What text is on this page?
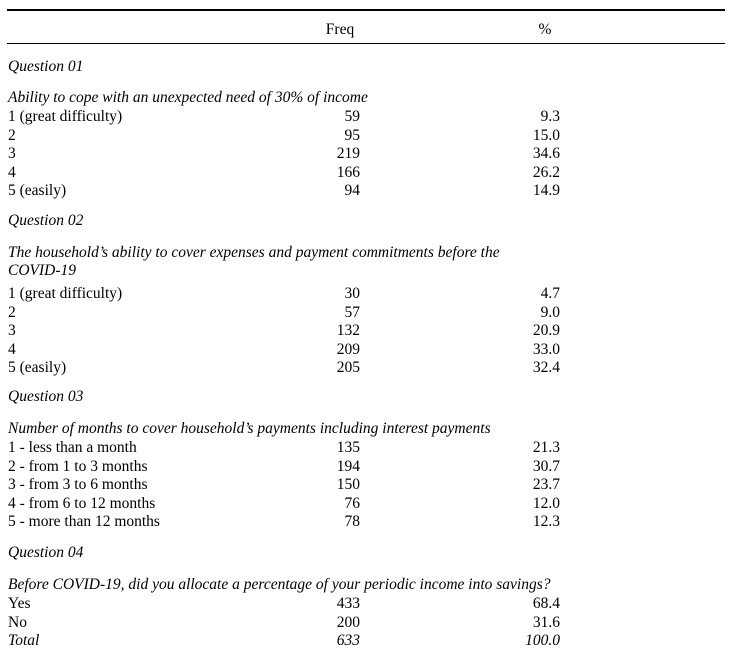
Freq	%
Question 01
Ability to cope with an unexpected need of 30% of income
1 (great difficulty)	59	9.3
2	95	15.0
3	219	34.6
4	166	26.2
5 (easily)	94	14.9
Question 02
The household’s ability to cover expenses and payment commitments before the
COVID-19
1 (great difficulty)	30	4.7
2	57	9.0
3	132	20.9
4	209	33.0
5 (easily)	205	32.4
Question 03
Number of months to cover household’s payments including interest payments
1 - less than a month	135	21.3
2 - from 1 to 3 months	194	30.7
3 - from 3 to 6 months	150	23.7
4 - from 6 to 12 months	76	12.0
5 - more than 12 months	78	12.3
Question 04
Before COVID-19, did you allocate a percentage of your periodic income into savings?
Yes	433	68.4
No	200	31.6
Total	633	100.0
